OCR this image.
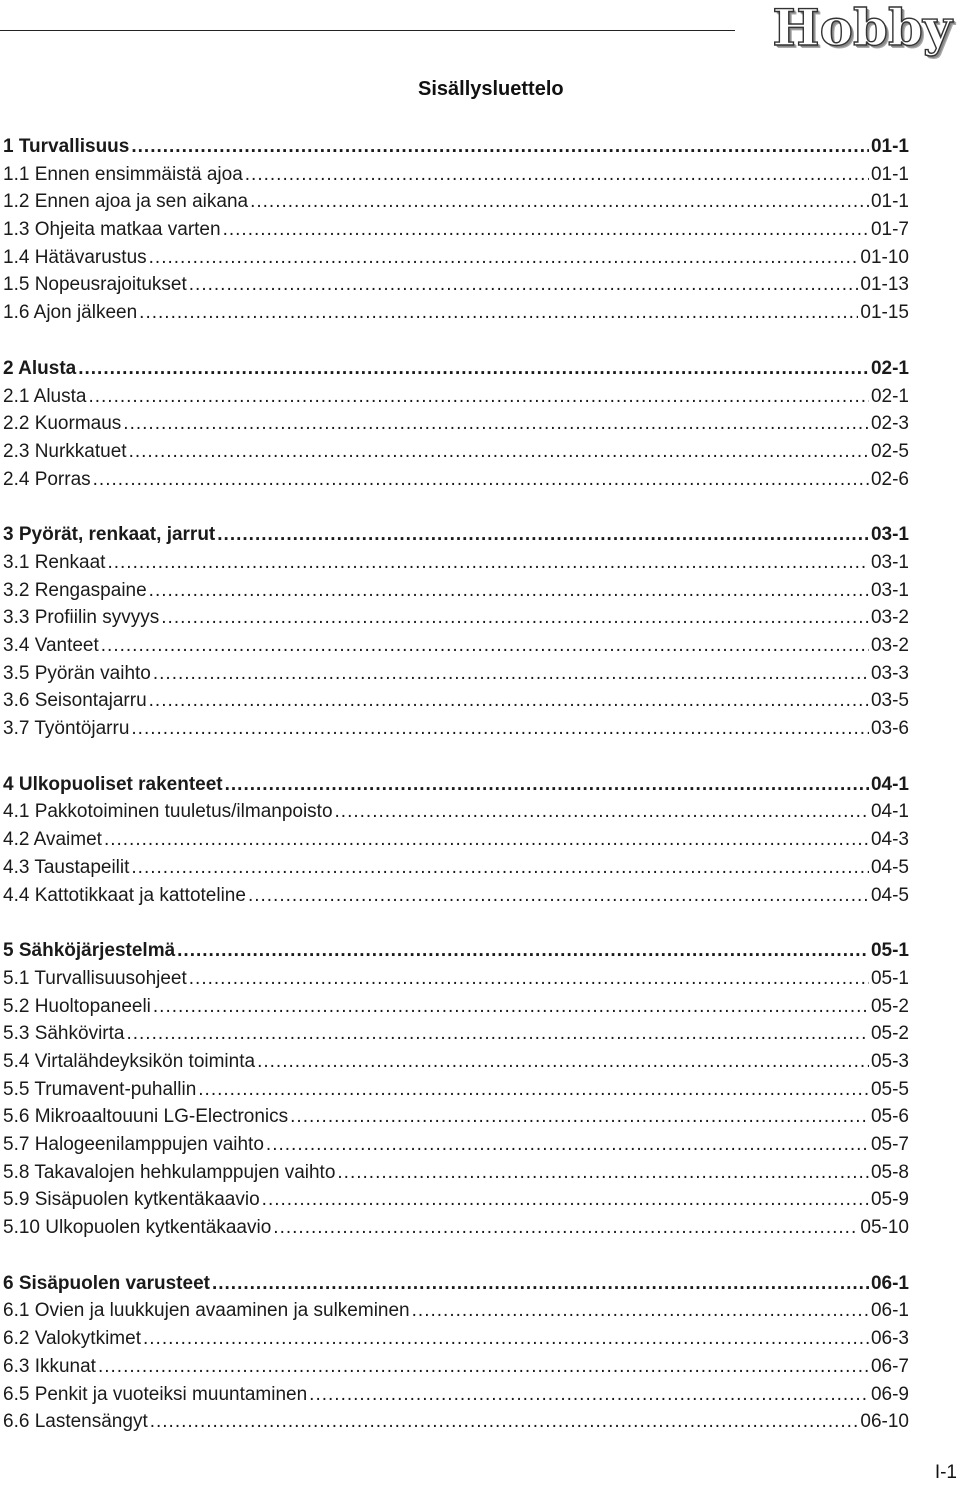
Hobby
Sisällysluettelo
1 Turvallisuus .....	01-1
1.1 Ennen ensimmäistä ajoa .....	01-1
1.2 Ennen ajoa ja sen aikana .....	01-1
1.3 Ohjeita matkaa varten .....	01-7
1.4 Hätävarustus .....	01-10
1.5 Nopeusrajoitukset .....	01-13
1.6 Ajon jälkeen .....	01-15
2 Alusta .....	02-1
2.1 Alusta .....	02-1
2.2 Kuormaus .....	02-3
2.3 Nurkkatuet .....	02-5
2.4 Porras .....	02-6
3 Pyörät, renkaat, jarrut .....	03-1
3.1 Renkaat .....	03-1
3.2 Rengaspaine .....	03-1
3.3 Profiilin syvyys .....	03-2
3.4 Vanteet .....	03-2
3.5 Pyörän vaihto .....	03-3
3.6 Seisontajarru .....	03-5
3.7 Työntöjarru .....	03-6
4 Ulkopuoliset rakenteet .....	04-1
4.1 Pakkotoiminen tuuletus/ilmanpoisto .....	04-1
4.2 Avaimet .....	04-3
4.3 Taustapeilit .....	04-5
4.4 Kattotikkaat ja kattoteline .....	04-5
5 Sähköjärjestelmä .....	05-1
5.1 Turvallisuusohjeet .....	05-1
5.2 Huoltopaneeli .....	05-2
5.3 Sähkövirta .....	05-2
5.4 Virtalähdeyksikön toiminta .....	05-3
5.5 Trumavent-puhallin .....	05-5
5.6 Mikroaaltouuni LG-Electronics .....	05-6
5.7 Halogeenilamppujen vaihto .....	05-7
5.8 Takavalojen hehkulamppujen vaihto .....	05-8
5.9 Sisäpuolen kytkentäkaavio .....	05-9
5.10 Ulkopuolen kytkentäkaavio .....	05-10
6 Sisäpuolen varusteet .....	06-1
6.1 Ovien ja luukkujen avaaminen ja sulkeminen .....	06-1
6.2 Valokytkimet .....	06-3
6.3 Ikkunat .....	06-7
6.5 Penkit ja vuoteiksi muuntaminen .....	06-9
6.6 Lastensängyt .....	06-10
I-1
